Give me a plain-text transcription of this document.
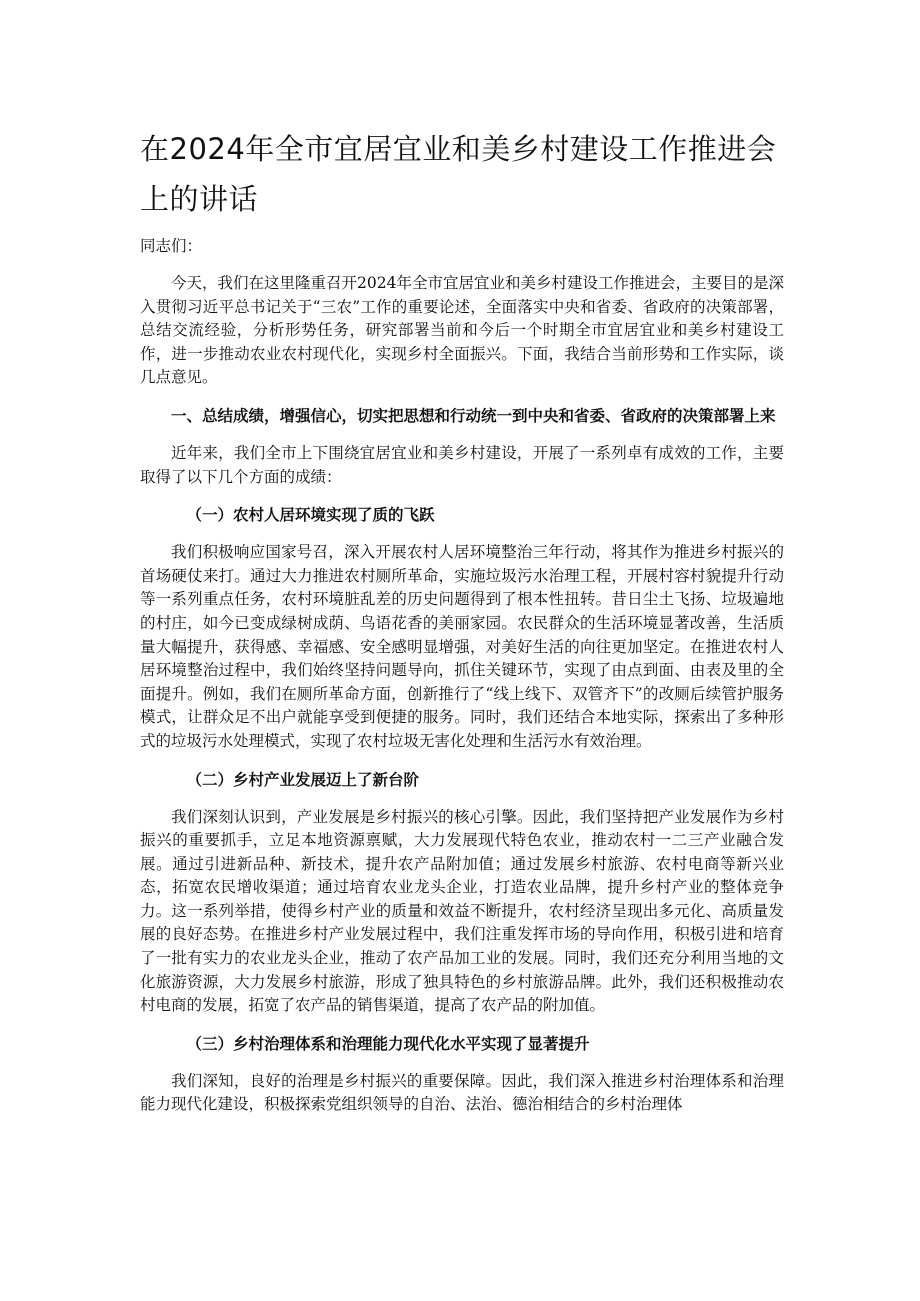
在2024年全市宜居宜业和美乡村建设工作推进会上的讲话

同志们：

今天，我们在这里隆重召开2024年全市宜居宜业和美乡村建设工作推进会，主要目的是深入贯彻习近平总书记关于“三农”工作的重要论述，全面落实中央和省委、省政府的决策部署，总结交流经验，分析形势任务，研究部署当前和今后一个时期全市宜居宜业和美乡村建设工作，进一步推动农业农村现代化，实现乡村全面振兴。下面，我结合当前形势和工作实际，谈几点意见。

一、总结成绩，增强信心，切实把思想和行动统一到中央和省委、省政府的决策部署上来

近年来，我们全市上下围绕宜居宜业和美乡村建设，开展了一系列卓有成效的工作，主要取得了以下几个方面的成绩：

（一）农村人居环境实现了质的飞跃

我们积极响应国家号召，深入开展农村人居环境整治三年行动，将其作为推进乡村振兴的首场硬仗来打。通过大力推进农村厕所革命，实施垃圾污水治理工程，开展村容村貌提升行动等一系列重点任务，农村环境脏乱差的历史问题得到了根本性扭转。昔日尘土飞扬、垃圾遍地的村庄，如今已变成绿树成荫、鸟语花香的美丽家园。农民群众的生活环境显著改善，生活质量大幅提升，获得感、幸福感、安全感明显增强，对美好生活的向往更加坚定。在推进农村人居环境整治过程中，我们始终坚持问题导向，抓住关键环节，实现了由点到面、由表及里的全面提升。例如，我们在厕所革命方面，创新推行了“线上线下、双管齐下”的改厕后续管护服务模式，让群众足不出户就能享受到便捷的服务。同时，我们还结合本地实际，探索出了多种形式的垃圾污水处理模式，实现了农村垃圾无害化处理和生活污水有效治理。

（二）乡村产业发展迈上了新台阶

我们深刻认识到，产业发展是乡村振兴的核心引擎。因此，我们坚持把产业发展作为乡村振兴的重要抓手，立足本地资源禀赋，大力发展现代特色农业，推动农村一二三产业融合发展。通过引进新品种、新技术，提升农产品附加值；通过发展乡村旅游、农村电商等新兴业态，拓宽农民增收渠道；通过培育农业龙头企业，打造农业品牌，提升乡村产业的整体竞争力。这一系列举措，使得乡村产业的质量和效益不断提升，农村经济呈现出多元化、高质量发展的良好态势。在推进乡村产业发展过程中，我们注重发挥市场的导向作用，积极引进和培育了一批有实力的农业龙头企业，推动了农产品加工业的发展。同时，我们还充分利用当地的文化旅游资源，大力发展乡村旅游，形成了独具特色的乡村旅游品牌。此外，我们还积极推动农村电商的发展，拓宽了农产品的销售渠道，提高了农产品的附加值。

（三）乡村治理体系和治理能力现代化水平实现了显著提升

我们深知，良好的治理是乡村振兴的重要保障。因此，我们深入推进乡村治理体系和治理能力现代化建设，积极探索党组织领导的自治、法治、德治相结合的乡村治理体
